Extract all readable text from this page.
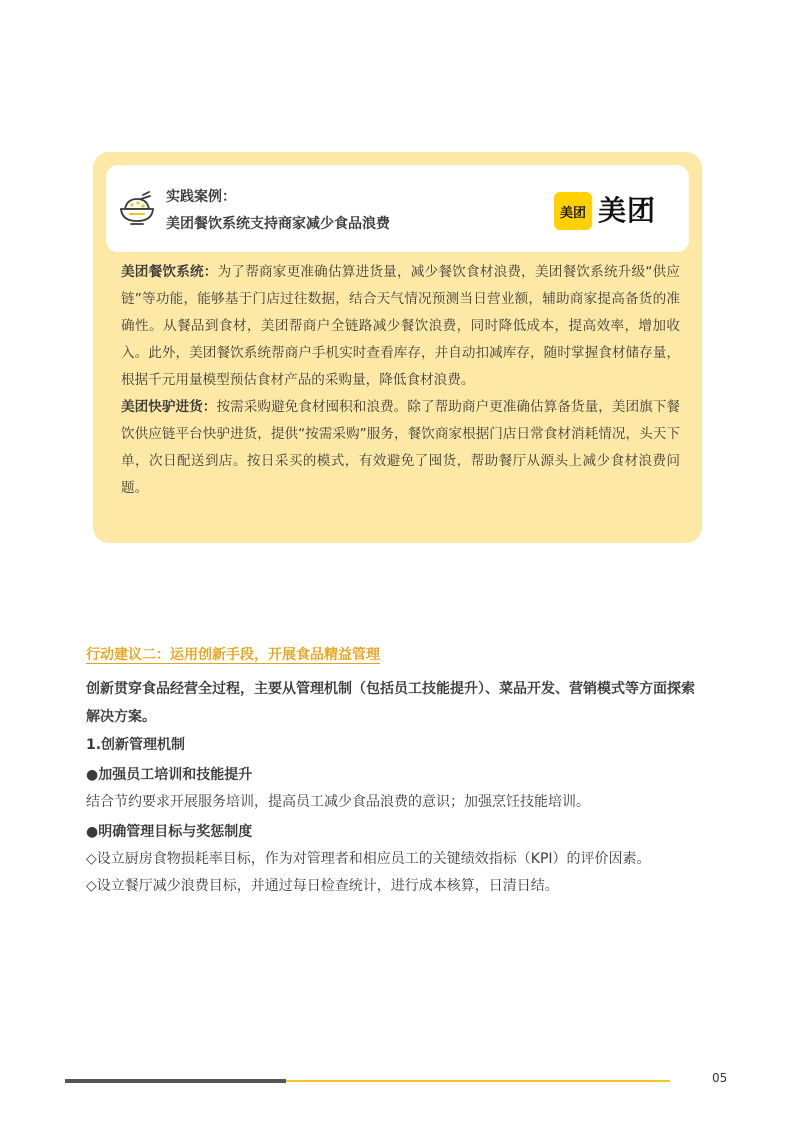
实践案例：
美团餐饮系统支持商家减少食品浪费
美团 美团

美团餐饮系统：为了帮商家更准确估算进货量，减少餐饮食材浪费，美团餐饮系统升级“供应链”等功能，能够基于门店过往数据，结合天气情况预测当日营业额，辅助商家提高备货的准确性。从餐品到食材，美团帮商户全链路减少餐饮浪费，同时降低成本，提高效率，增加收入。此外，美团餐饮系统帮商户手机实时查看库存，并自动扣减库存，随时掌握食材储存量，根据千元用量模型预估食材产品的采购量，降低食材浪费。

美团快驴进货：按需采购避免食材囤积和浪费。除了帮助商户更准确估算备货量，美团旗下餐饮供应链平台快驴进货，提供“按需采购”服务，餐饮商家根据门店日常食材消耗情况，头天下单，次日配送到店。按日采买的模式，有效避免了囤货，帮助餐厅从源头上减少食材浪费问题。

行动建议二：运用创新手段，开展食品精益管理

创新贯穿食品经营全过程，主要从管理机制（包括员工技能提升）、菜品开发、营销模式等方面探索解决方案。

1.创新管理机制

●加强员工培训和技能提升

结合节约要求开展服务培训，提高员工减少食品浪费的意识；加强烹饪技能培训。

●明确管理目标与奖惩制度

◇设立厨房食物损耗率目标，作为对管理者和相应员工的关键绩效指标（KPI）的评价因素。

◇设立餐厅减少浪费目标，并通过每日检查统计，进行成本核算，日清日结。

05
